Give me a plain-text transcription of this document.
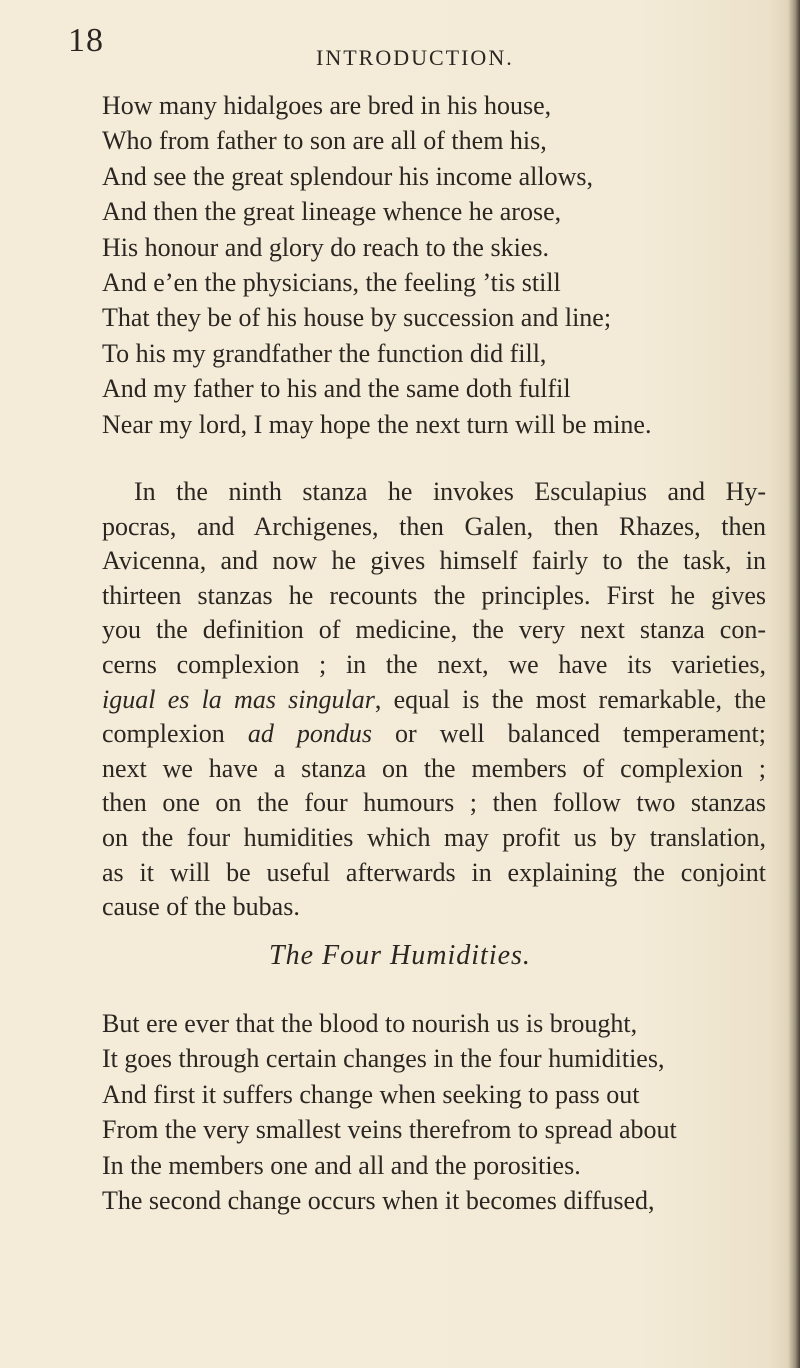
18	INTRODUCTION.
How many hidalgoes are bred in his house,
Who from father to son are all of them his,
And see the great splendour his income allows,
And then the great lineage whence he arose,
His honour and glory do reach to the skies.
And e’en the physicians, the feeling ’tis still
That they be of his house by succession and line;
To his my grandfather the function did fill,
And my father to his and the same doth fulfil
Near my lord, I may hope the next turn will be mine.
In the ninth stanza he invokes Esculapius and Hy-
pocras, and Archigenes, then Galen, then Rhazes, then
Avicenna, and now he gives himself fairly to the task, in
thirteen stanzas he recounts the principles. First he gives
you the definition of medicine, the very next stanza con-
cerns complexion ; in the next, we have its varieties,
igual es la mas singular, equal is the most remarkable, the
complexion ad pondus or well balanced temperament;
next we have a stanza on the members of complexion ;
then one on the four humours ; then follow two stanzas
on the four humidities which may profit us by translation,
as it will be useful afterwards in explaining the conjoint
cause of the bubas.
The Four Humidities.
But ere ever that the blood to nourish us is brought,
It goes through certain changes in the four humidities,
And first it suffers change when seeking to pass out
From the very smallest veins therefrom to spread about
In the members one and all and the porosities.
The second change occurs when it becomes diffused,
